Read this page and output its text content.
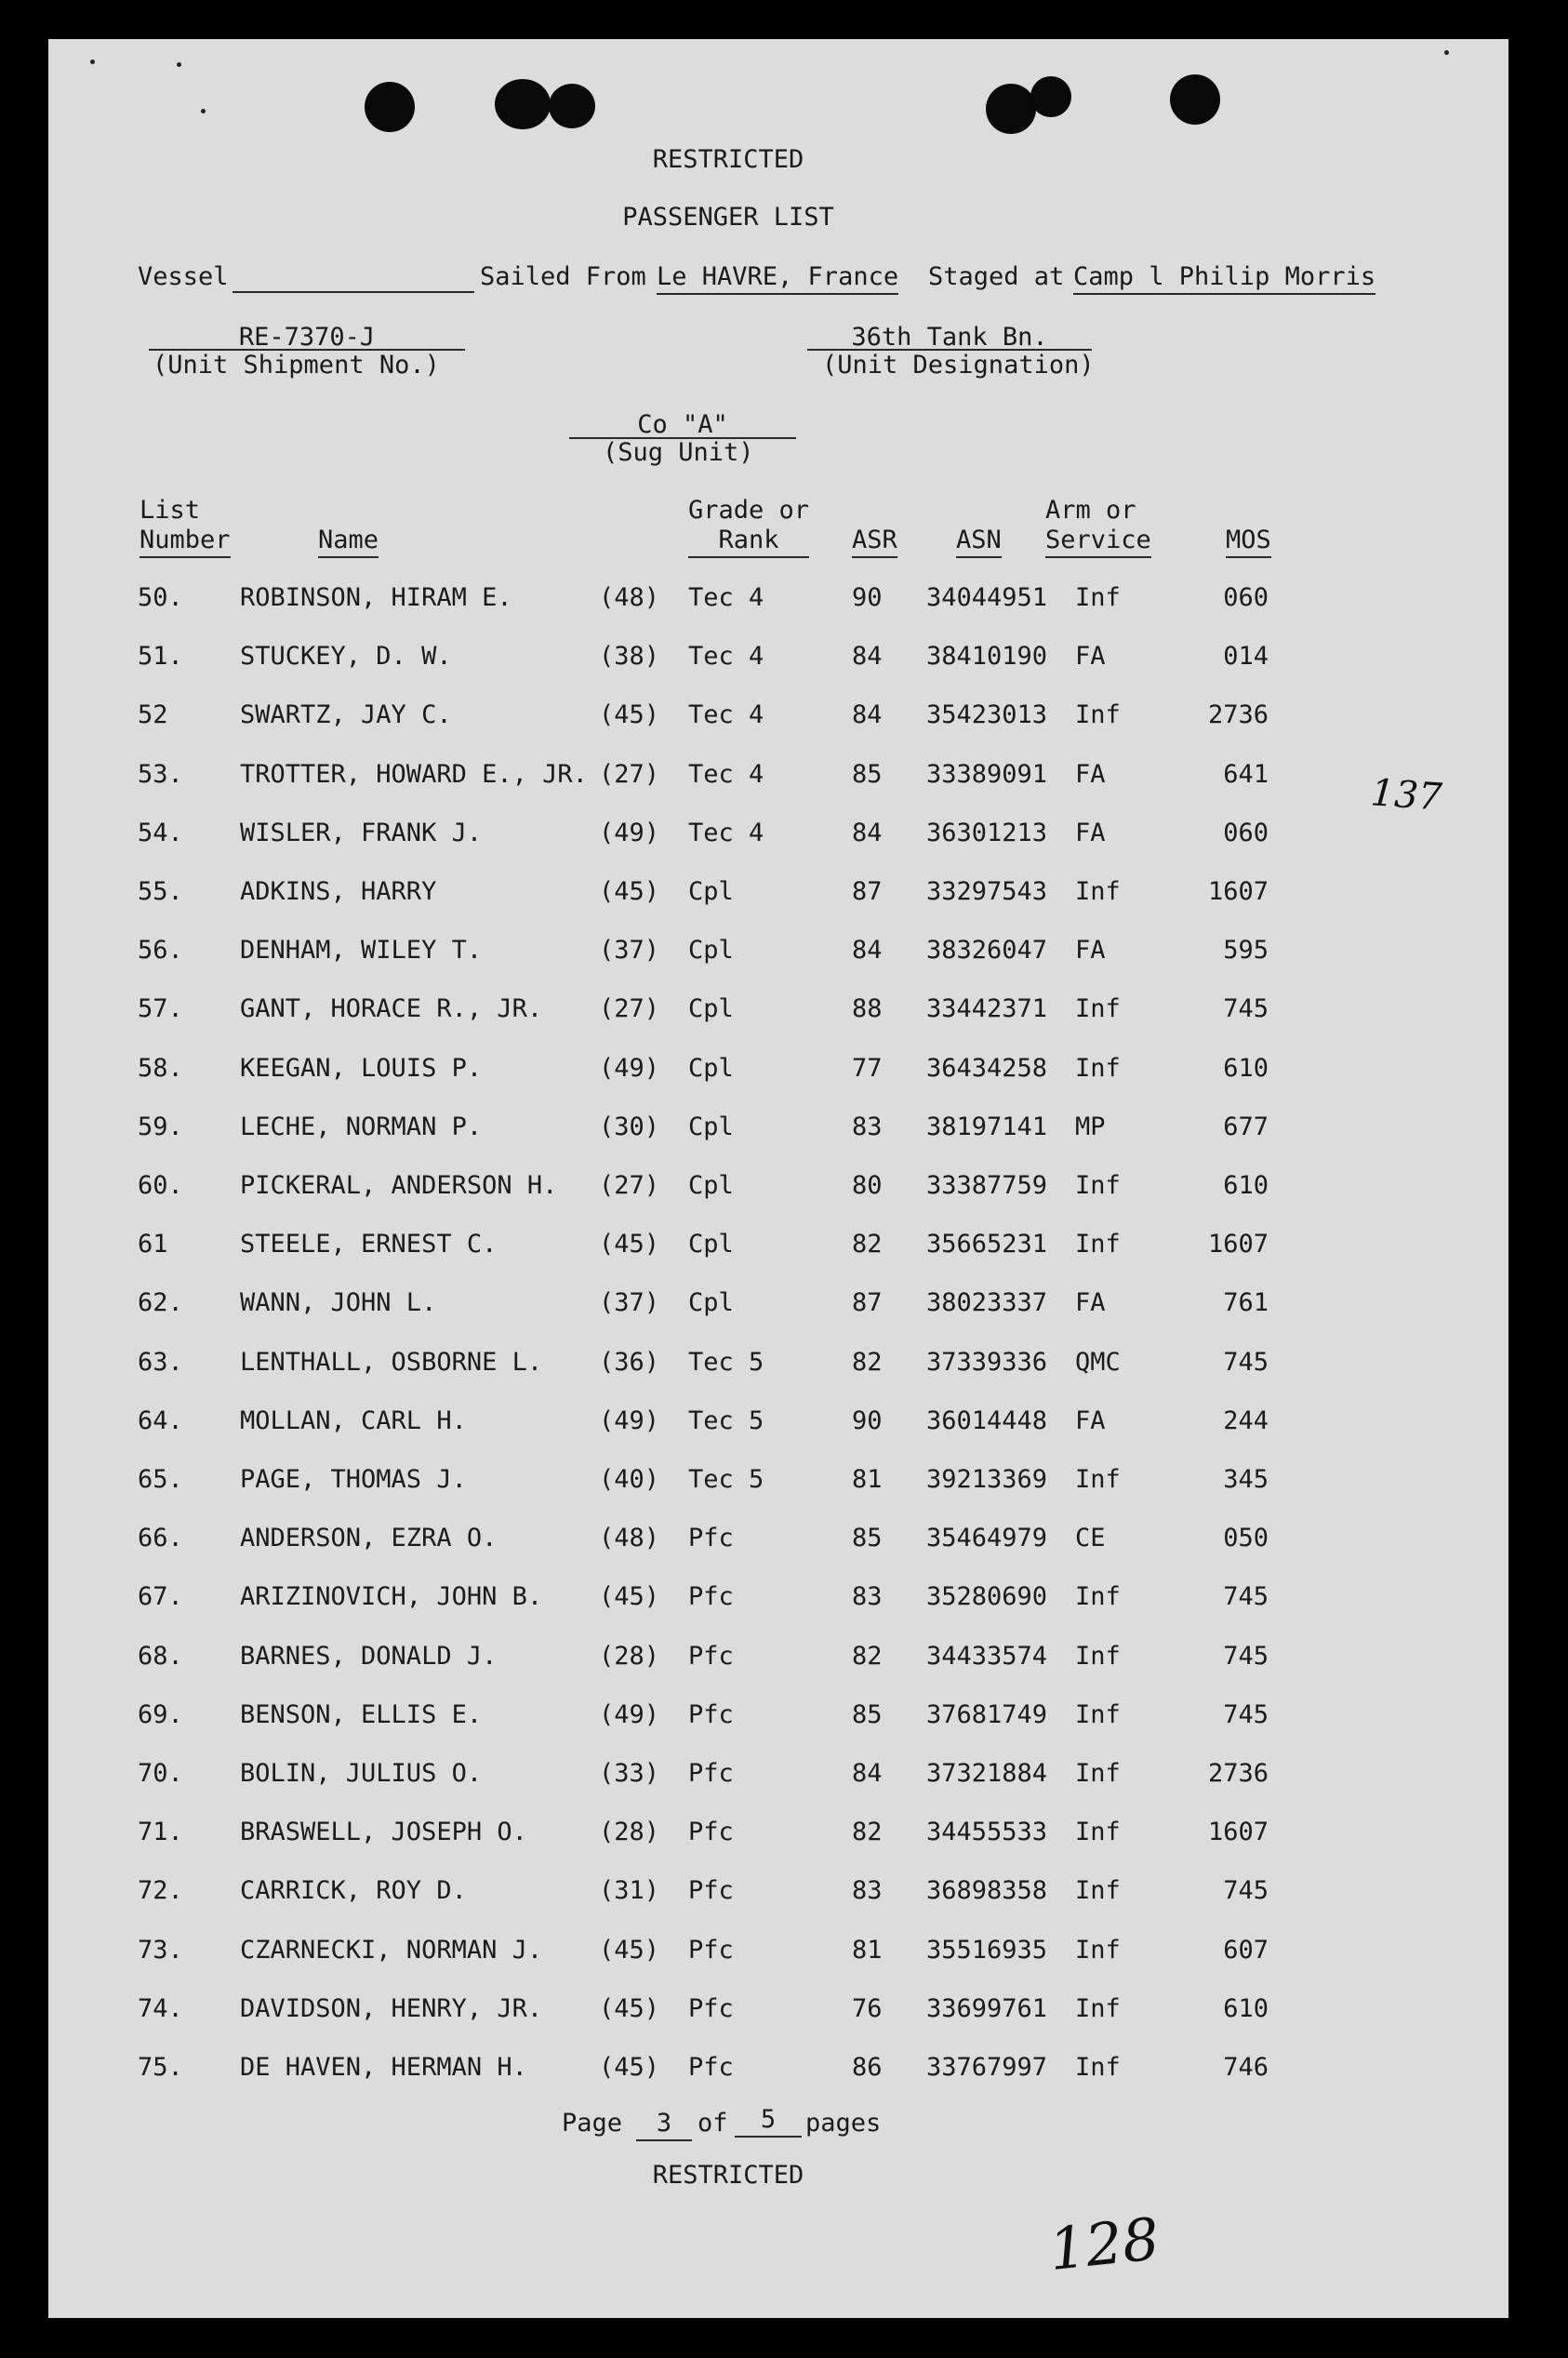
RESTRICTED
PASSENGER LIST
Vessel	Sailed From Le HAVRE, France Staged at Camp l Philip Morris
RE-7370-J
(Unit Shipment No.)
36th Tank Bn.
(Unit Designation)
Co "A"
(Sug Unit)
List
Number	Name
Grade or
Rank	ASR ASN
Arm or
Service	MOS
50. ROBINSON, HIRAM E.	(48) Tec 4	90 34044951 Inf	060
51. STUCKEY, D. W.	(38) Tec 4	84 38410190 FA	014
52	SWARTZ, JAY C.	(45) Tec 4	84 35423013 Inf	2736
53. TROTTER, HOWARD E., JR. (27) Tec 4	85 33389091 FA	641
54. WISLER, FRANK J.	(49) Tec 4	84 36301213 FA	060
55. ADKINS, HARRY	(45) Cpl	87 33297543 Inf	1607
56. DENHAM, WILEY T.	(37) Cpl	84 38326047 FA	595
57. GANT, HORACE R., JR. (27) Cpl	88 33442371 Inf	745
58. KEEGAN, LOUIS P.	(49) Cpl	77 36434258 Inf	610
59. LECHE, NORMAN P.	(30) Cpl	83 38197141 MP	677
60. PICKERAL, ANDERSON H. (27) Cpl	80 33387759 Inf	610
61	STEELE, ERNEST C.	(45) Cpl	82 35665231 Inf	1607
62. WANN, JOHN L.	(37) Cpl	87 38023337 FA	761
63. LENTHALL, OSBORNE L. (36) Tec 5	82 37339336 QMC	745
64. MOLLAN, CARL H.	(49) Tec 5	90 36014448 FA	244
65. PAGE, THOMAS J.	(40) Tec 5	81 39213369 Inf	345
66. ANDERSON, EZRA O.	(48) Pfc	85 35464979 CE	050
67. ARIZINOVICH, JOHN B. (45) Pfc	83 35280690 Inf	745
68. BARNES, DONALD J.	(28) Pfc	82 34433574 Inf	745
69. BENSON, ELLIS E.	(49) Pfc	85 37681749 Inf	745
70. BOLIN, JULIUS O.	(33) Pfc	84 37321884 Inf	2736
71. BRASWELL, JOSEPH O.	(28) Pfc	82 34455533 Inf	1607
72. CARRICK, ROY D.	(31) Pfc	83 36898358 Inf	745
73. CZARNECKI, NORMAN J. (45) Pfc	81 35516935 Inf	607
74. DAVIDSON, HENRY, JR. (45) Pfc	76 33699761 Inf	610
75. DE HAVEN, HERMAN H.	(45) Pfc	86 33767997 Inf	746
Page	3	of	5	pages
RESTRICTED
137
128
